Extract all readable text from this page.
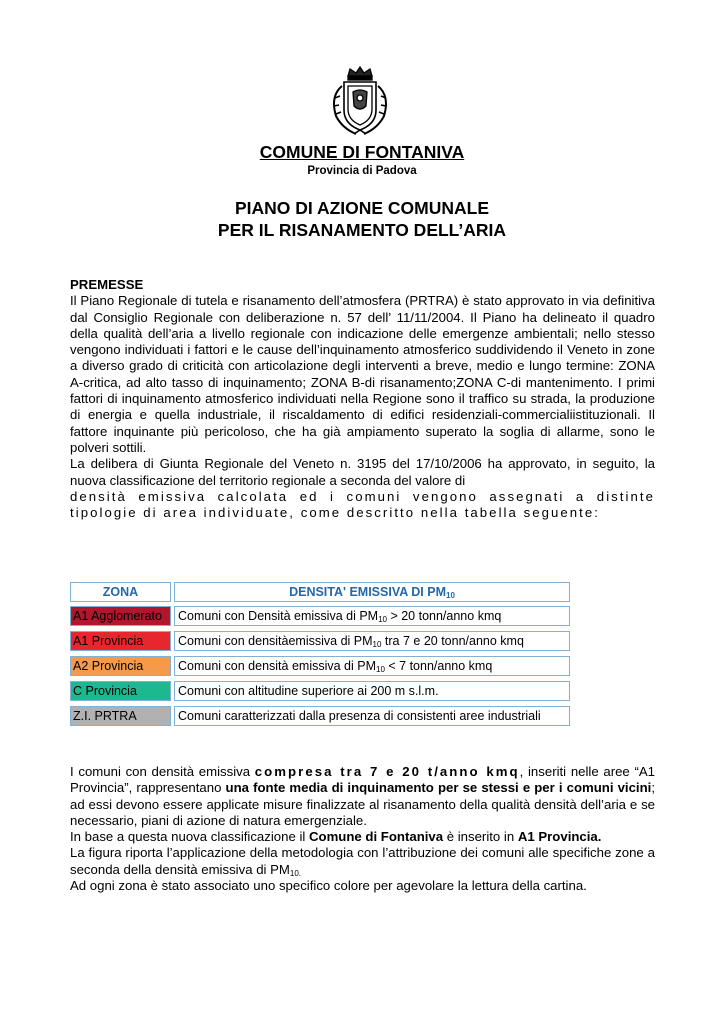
COMUNE DI FONTANIVA
Provincia di Padova
PIANO DI AZIONE COMUNALE
PER IL RISANAMENTO DELL’ARIA

PREMESSE

Il Piano Regionale di tutela e risanamento dell’atmosfera (PRTRA) è stato approvato in via definitiva dal Consiglio Regionale con deliberazione n. 57 dell’ 11/11/2004. Il Piano ha delineato il quadro della qualità dell’aria a livello regionale con indicazione delle emergenze ambientali; nello stesso vengono individuati i fattori e le cause dell’inquinamento atmosferico suddividendo il Veneto in zone a diverso grado di criticità con articolazione degli interventi a breve, medio e lungo termine: ZONA A-critica, ad alto tasso di inquinamento; ZONA B-di risanamento;ZONA C-di mantenimento. I primi fattori di inquinamento atmosferico individuati nella Regione sono il traffico su strada, la produzione di energia e quella industriale, il riscaldamento di edifici residenziali-commercialiistituzionali. Il fattore inquinante più pericoloso, che ha già ampiamento superato la soglia di allarme, sono le polveri sottili.

La delibera di Giunta Regionale del Veneto n. 3195 del 17/10/2006 ha approvato, in seguito, la nuova classificazione del territorio regionale a seconda del valore di

densità emissiva calcolata ed i comuni vengono assegnati a distinte tipologie di area individuate, come descritto nella tabella seguente:

ZONA	DENSITA' EMISSIVA DI $PM_{10}$
A1 Agglomerato	Comuni con Densità emissiva di $PM_{10} > 20$ tonn/anno kmq
A1 Provincia	Comuni con densitàemissiva di $PM_{10}$ tra 7 e 20 tonn/anno kmq
A2 Provincia	Comuni con densità emissiva di $PM_{10} < 7$ tonn/anno kmq
C Provincia	Comuni con altitudine superiore ai 200 m s.l.m.
Z.I. PRTRA	Comuni caratterizzati dalla presenza di consistenti aree industriali

I comuni con densità emissiva compresa tra 7 e 20 t/anno kmq, inseriti nelle aree “A1 Provincia”, rappresentano una fonte media di inquinamento per se stessi e per i comuni vicini; ad essi devono essere applicate misure finalizzate al risanamento della qualità densità dell’aria e se necessario, piani di azione di natura emergenziale.

In base a questa nuova classificazione il Comune di Fontaniva è inserito in A1 Provincia.

La figura riporta l’applicazione della metodologia con l’attribuzione dei comuni alle specifiche zone a seconda della densità emissiva di $PM_{10.}$

Ad ogni zona è stato associato uno specifico colore per agevolare la lettura della cartina.
